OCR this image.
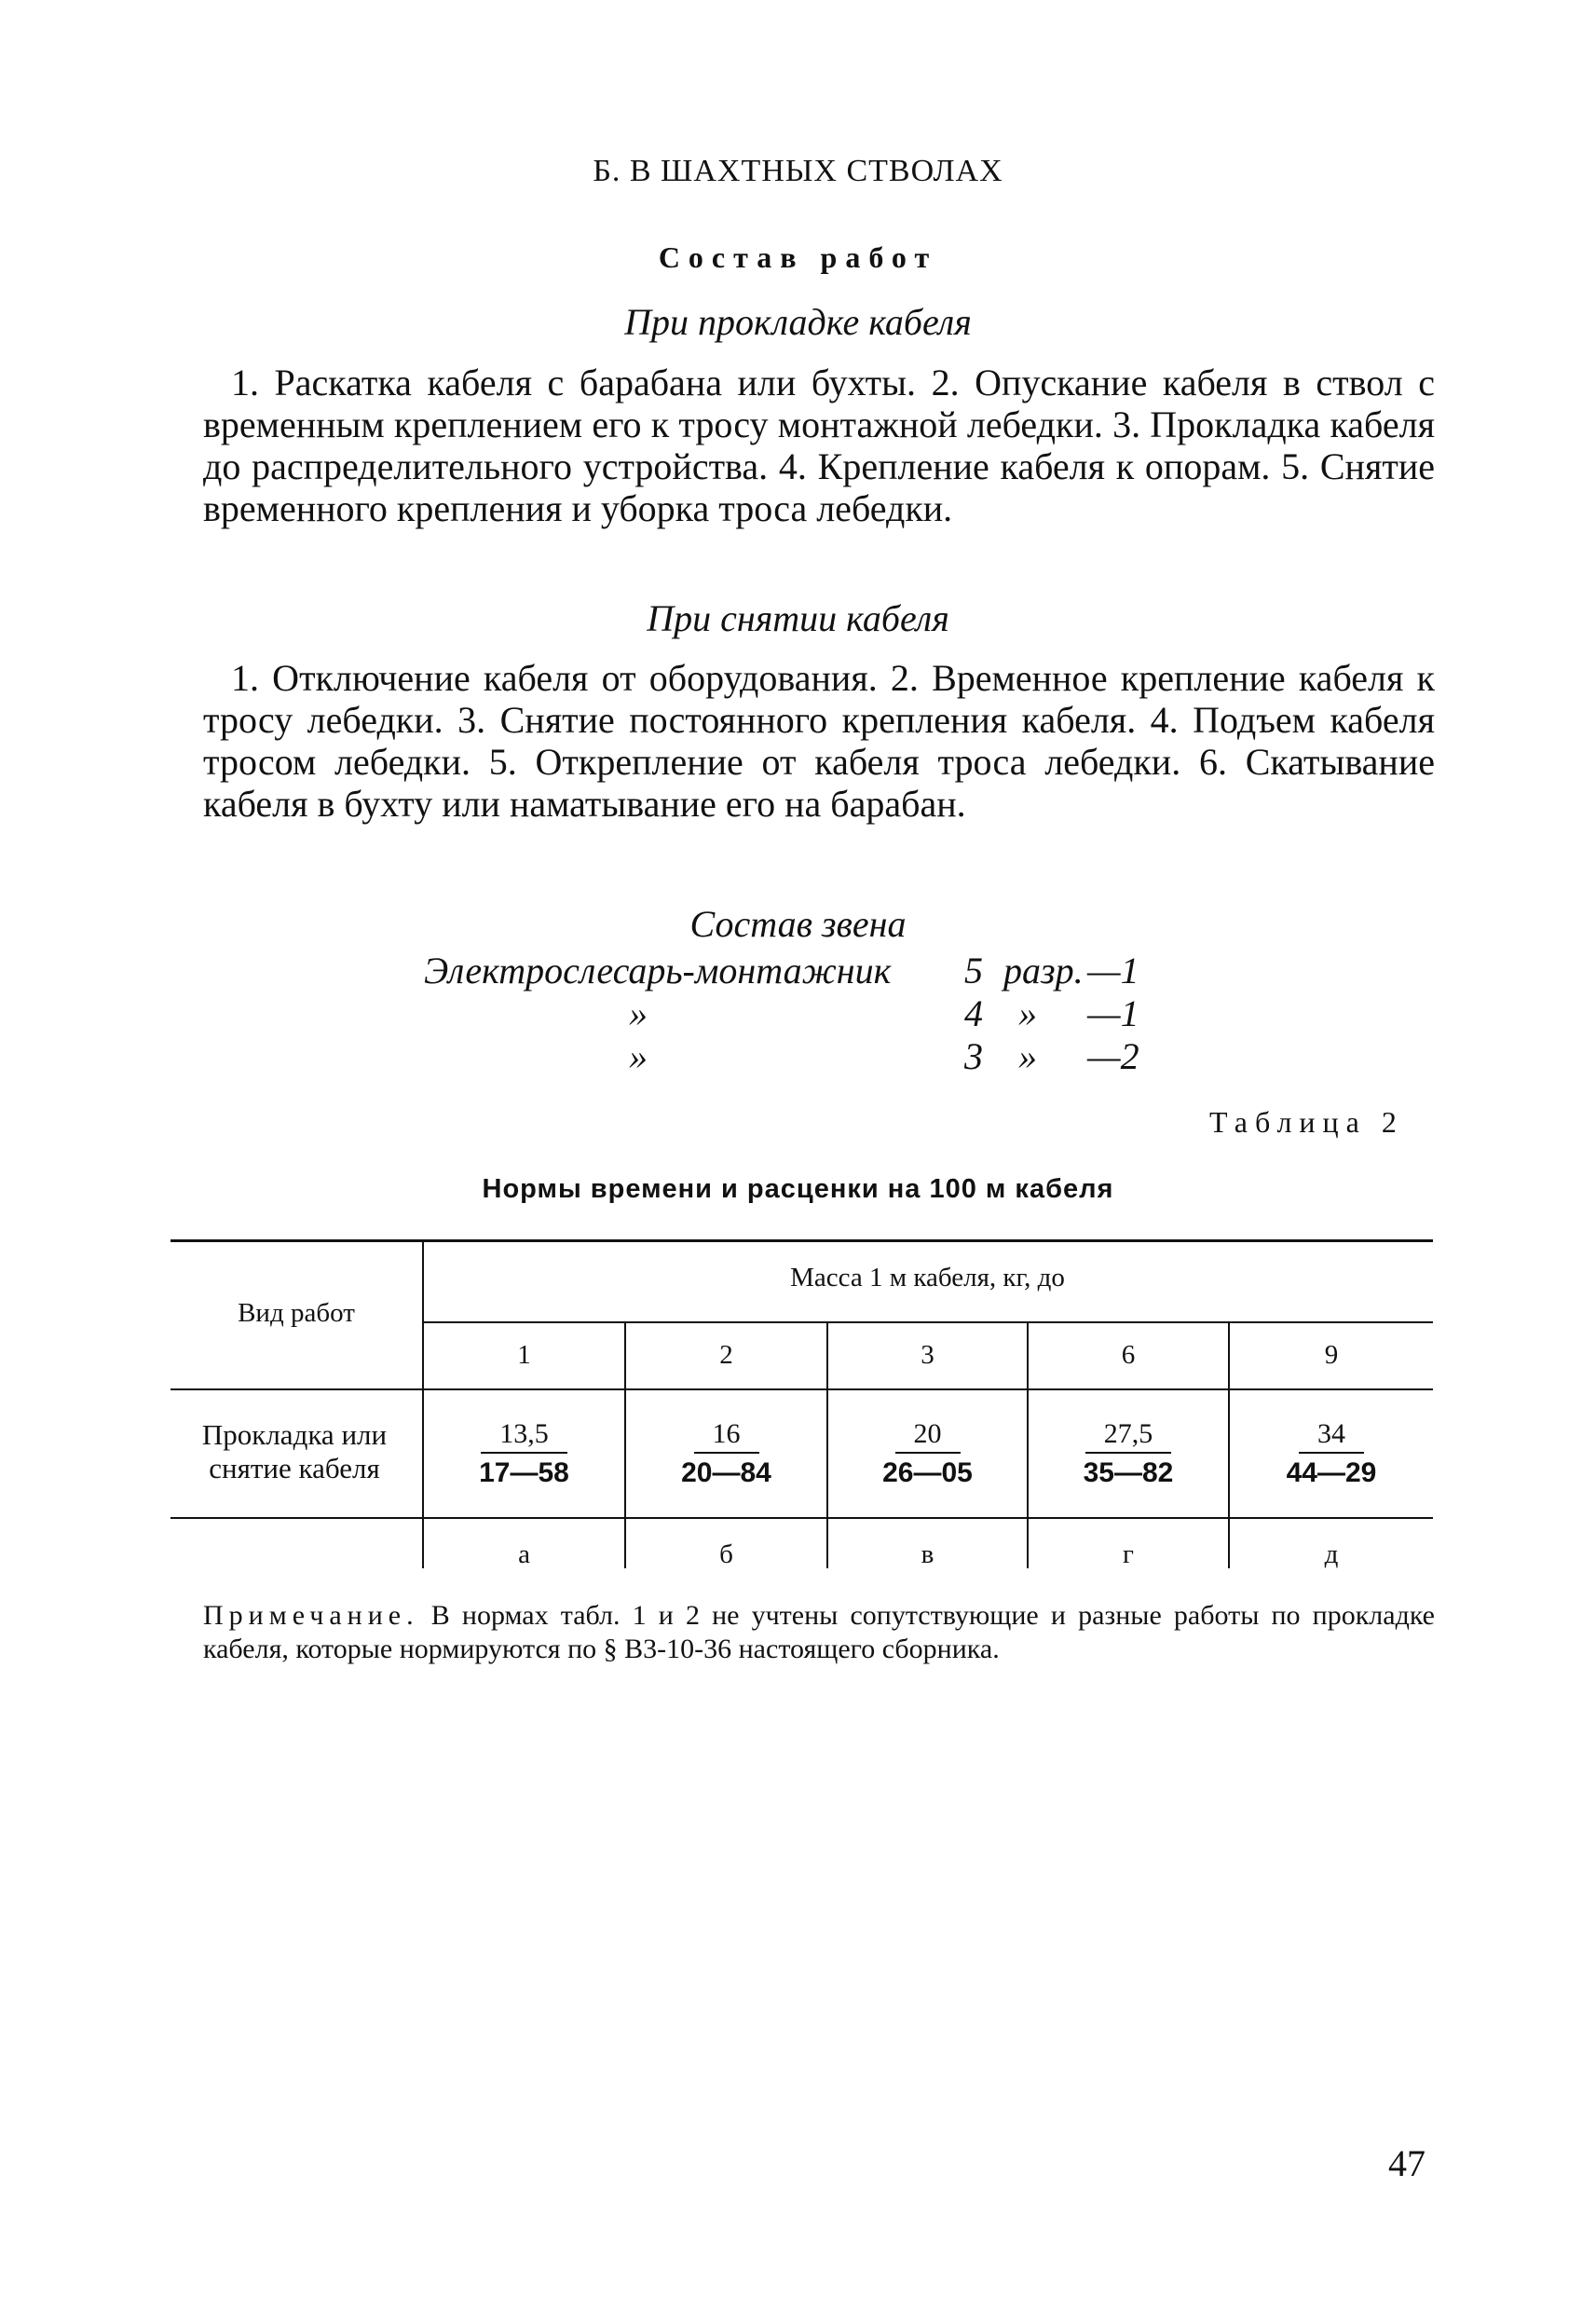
Б. В ШАХТНЫХ СТВОЛАХ
Состав работ
При прокладке кабеля
1. Раскатка кабеля с барабана или бухты. 2. Опускание кабеля в ствол с временным креплением его к тросу монтажной лебедки. 3. Прокладка кабеля до распределительного устройства. 4. Крепление кабеля к опорам. 5. Снятие временного крепления и уборка троса лебедки.
При снятии кабеля
1. Отключение кабеля от оборудования. 2. Временное крепление кабеля к тросу лебедки. 3. Снятие постоянного крепления кабеля. 4. Подъем кабеля тросом лебедки. 5. Открепление от кабеля троса лебедки. 6. Скатывание кабеля в бухту или наматывание его на барабан.
Состав звена
Электрослесарь-монтажник 5 разр. —1
»	4 » —1
»	3 » —2
Таблица 2
Нормы времени и расценки на 100 м кабеля
Вид работ
Масса 1 м кабеля, кг, до
1	2	3	6	9
Прокладка или снятие кабеля	$\frac{13,5}{17—58} \frac{16}{20—84} \frac{20}{26—05} \frac{27,5}{35—82} \frac{34}{44—29}$
а	б	в	г	д
Примечание. В нормах табл. 1 и 2 не учтены сопутствующие и разные работы по прокладке кабеля, которые нормируются по § В3-10-36 настоящего сборника.
47
